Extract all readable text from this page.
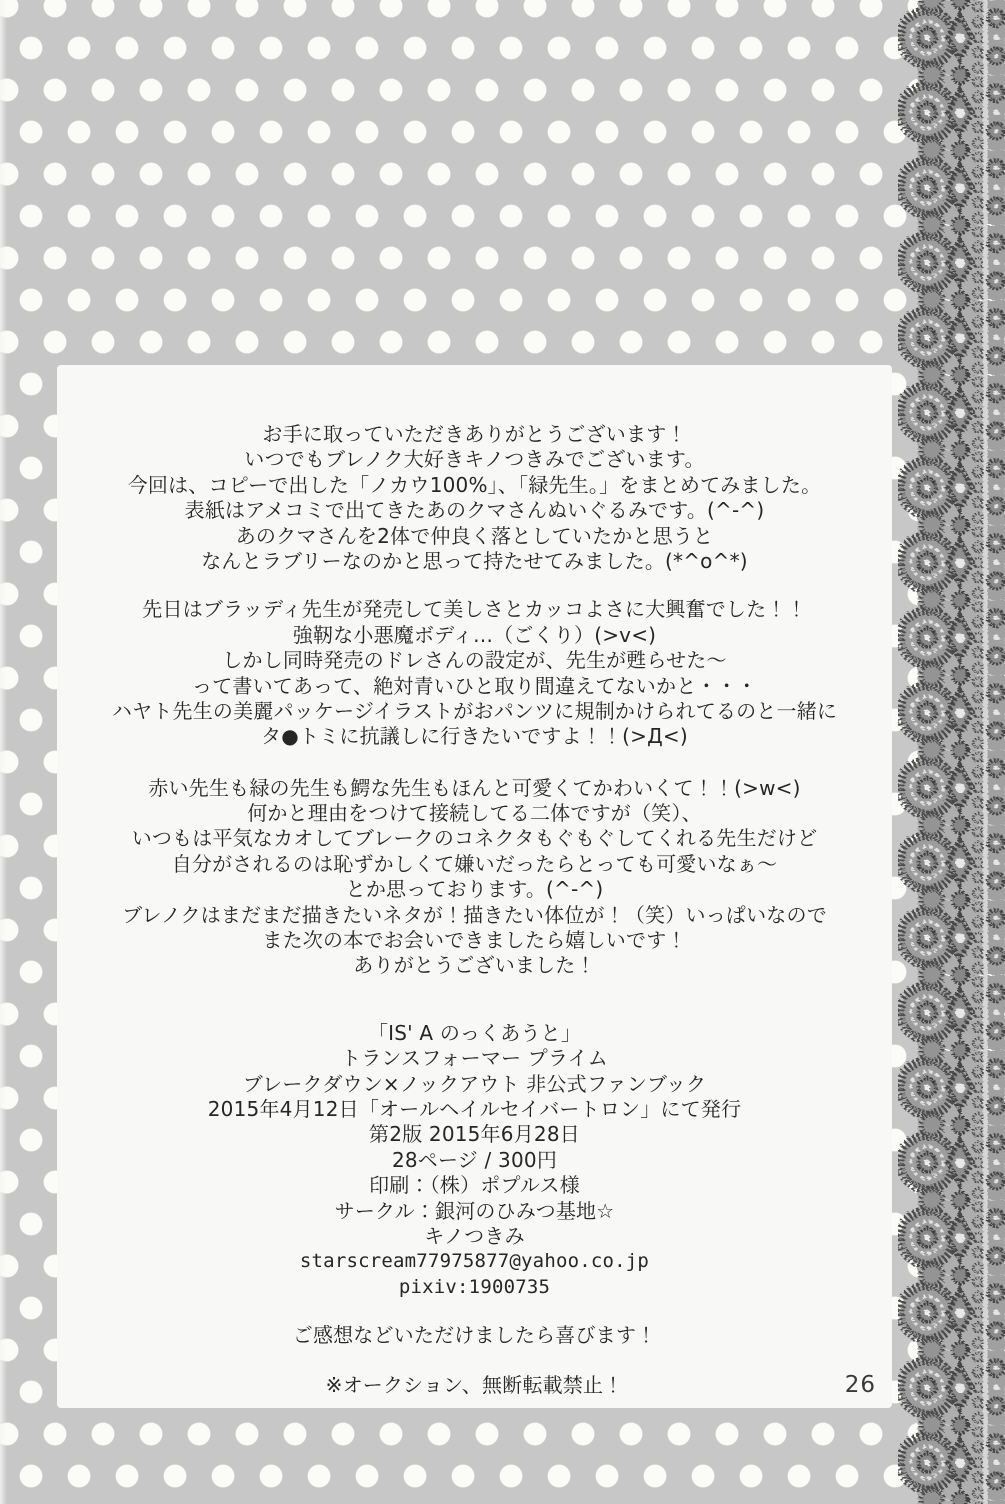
お手に取っていただきありがとうございます！
いつでもブレノク大好きキノつきみでございます。
今回は、コピーで出した「ノカウ100%」、「緑先生。」をまとめてみました。
表紙はアメコミで出てきたあのクマさんぬいぐるみです。(^-^)
あのクマさんを2体で仲良く落としていたかと思うと
なんとラブリーなのかと思って持たせてみました。(*^o^*)
先日はブラッディ先生が発売して美しさとカッコよさに大興奮でした！！
強靭な小悪魔ボディ…（ごくり）(>v<)
しかし同時発売のドレさんの設定が、先生が甦らせた～
って書いてあって、絶対青いひと取り間違えてないかと・・・
ハヤト先生の美麗パッケージイラストがおパンツに規制かけられてるのと一緒に
タ●トミに抗議しに行きたいですよ！！(>Д<)
赤い先生も緑の先生も鰐な先生もほんと可愛くてかわいくて！！(>w<)
何かと理由をつけて接続してる二体ですが（笑）、
いつもは平気なカオしてブレークのコネクタもぐもぐしてくれる先生だけど
自分がされるのは恥ずかしくて嫌いだったらとっても可愛いなぁ～
とか思っております。(^-^)
ブレノクはまだまだ描きたいネタが！描きたい体位が！（笑）いっぱいなので
また次の本でお会いできましたら嬉しいです！
ありがとうございました！
「IS' A のっくあうと」
トランスフォーマー プライム
ブレークダウン×ノックアウト 非公式ファンブック
2015年4月12日「オールヘイルセイバートロン」にて発行
第2版 2015年6月28日
28ページ / 300円
印刷：（株）ポプルス様
サークル：銀河のひみつ基地☆
キノつきみ
starscream77975877@yahoo.co.jp
pixiv:1900735
ご感想などいただけましたら喜びます！
※オークション、無断転載禁止！	26
